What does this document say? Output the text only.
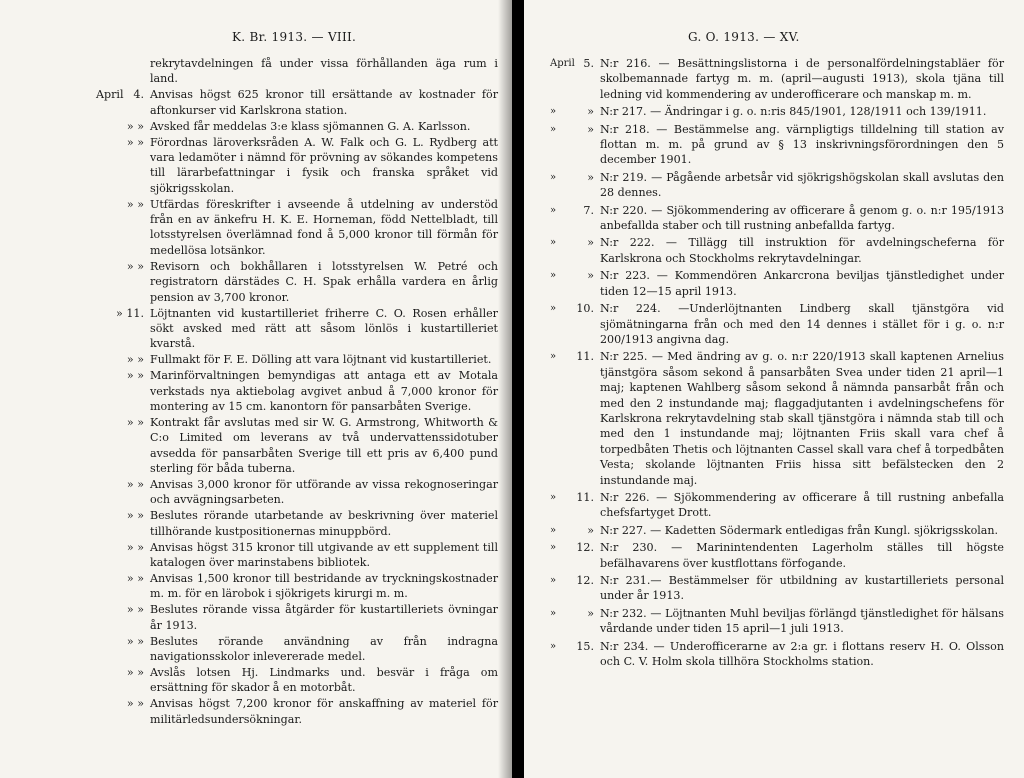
K. Br. 1913. — VIII.
rekrytavdelningen få under vissa förhållanden äga rum i land.
April 4. Anvisas högst 625 kronor till ersättande av kostnader för aftonkurser vid Karlskrona station.
» » Avsked får meddelas 3:e klass sjömannen G. A. Karlsson.
» » Förordnas läroverksråden A. W. Falk och G. L. Rydberg att vara ledamöter i nämnd för prövning av sökandes kompetens till lärarbefattningar i fysik och franska språket vid sjökrigsskolan.
» » Utfärdas föreskrifter i avseende å utdelning av understöd från en av änkefru H. K. E. Horneman, född Nettelbladt, till lotsstyrelsen överlämnad fond å 5,000 kronor till förmån för medellösa lotsänkor.
» » Revisorn och bokhållaren i lotsstyrelsen W. Petré och registratorn därstädes C. H. Spak erhålla vardera en årlig pension av 3,700 kronor.
» 11. Löjtnanten vid kustartilleriet friherre C. O. Rosen erhåller sökt avsked med rätt att såsom lönlös i kustartilleriet kvarstå.
» » Fullmakt för F. E. Dölling att vara löjtnant vid kustartilleriet.
» » Marinförvaltningen bemyndigas att antaga ett av Motala verkstads nya aktiebolag avgivet anbud å 7,000 kronor för montering av 15 cm. kanontorn för pansarbåten Sverige.
» » Kontrakt får avslutas med sir W. G. Armstrong, Whitworth & C:o Limited om leverans av två undervattenssidotuber avsedda för pansarbåten Sverige till ett pris av 6,400 pund sterling för båda tuberna.
» » Anvisas 3,000 kronor för utförande av vissa rekognoseringar och avvägningsarbeten.
» » Beslutes rörande utarbetande av beskrivning över materiel tillhörande kustpositionernas minuppbörd.
» » Anvisas högst 315 kronor till utgivande av ett supplement till katalogen över marinstabens bibliotek.
» » Anvisas 1,500 kronor till bestridande av tryckningskostnader m. m. för en lärobok i sjökrigets kirurgi m. m.
» » Beslutes rörande vissa åtgärder för kustartilleriets övningar år 1913.
» » Beslutes rörande användning av från indragna navigationsskolor inlevererade medel.
» » Avslås lotsen Hj. Lindmarks und. besvär i fråga om ersättning för skador å en motorbåt.
» » Anvisas högst 7,200 kronor för anskaffning av materiel för militärledsundersökningar.
G. O. 1913. — XV.
April 5. N:r 216. — Besättningslistorna i de personalfördelningstabläer för skolbemannade fartyg m. m. (april—augusti 1913), skola tjäna till ledning vid kommendering av underofficerare och manskap m. m.
»	» N:r 217. — Ändringar i g. o. n:ris 845/1901, 128/1911 och 139/1911.
»	» N:r 218. — Bestämmelse ang. värnpligtigs tilldelning till station av flottan m. m. på grund av § 13 inskrivningsförordningen den 5 december 1901.
»	» N:r 219. — Pågående arbetsår vid sjökrigshögskolan skall avslutas den 28 dennes.
»	7. N:r 220. — Sjökommendering av officerare å genom g. o. n:r 195/1913 anbefallda staber och till rustning anbefallda fartyg.
»	» N:r 222. — Tillägg till instruktion för avdelningscheferna för Karlskrona och Stockholms rekrytavdelningar.
»	» N:r 223. — Kommendören Ankarcrona beviljas tjänstledighet under tiden 12—15 april 1913.
»	10. N:r 224. —Underlöjtnanten Lindberg skall tjänstgöra vid sjömätningarna från och med den 14 dennes i stället för i g. o. n:r 200/1913 angivna dag.
»	11. N:r 225. — Med ändring av g. o. n:r 220/1913 skall kaptenen Arnelius tjänstgöra såsom sekond å pansarbåten Svea under tiden 21 april—1 maj; kaptenen Wahlberg såsom sekond å nämnda pansarbåt från och med den 2 instundande maj; flaggadjutanten i avdelningschefens för Karlskrona rekrytavdelning stab skall tjänstgöra i nämnda stab till och med den 1 instundande maj; löjtnanten Friis skall vara chef å torpedbåten Thetis och löjtnanten Cassel skall vara chef å torpedbåten Vesta; skolande löjtnanten Friis hissa sitt befälstecken den 2 instundande maj.
»	11. N:r 226. — Sjökommendering av officerare å till rustning anbefalla chefsfartyget Drott.
»	» N:r 227. — Kadetten Södermark entledigas från Kungl. sjökrigsskolan.
»	12. N:r 230. — Marinintendenten Lagerholm ställes till högste befälhavarens över kustflottans förfogande.
»	12. N:r 231.— Bestämmelser för utbildning av kustartilleriets personal under år 1913.
»	» N:r 232. — Löjtnanten Muhl beviljas förlängd tjänstledighet för hälsans vårdande under tiden 15 april—1 juli 1913.
»	15. N:r 234. — Underofficerarne av 2:a gr. i flottans reserv H. O. Olsson och C. V. Holm skola tillhöra Stockholms station.
